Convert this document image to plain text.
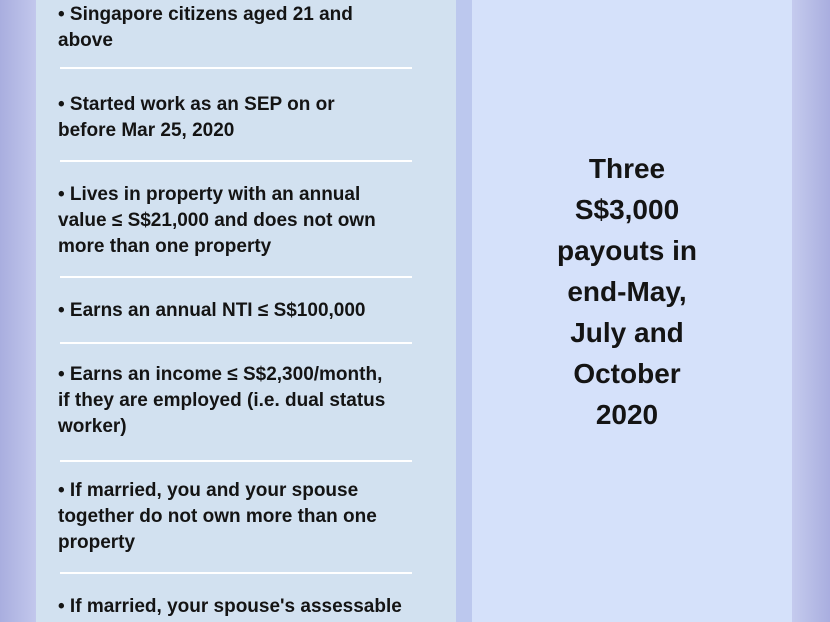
• Singapore citizens aged 21 and
above

• Started work as an SEP on or
before Mar 25, 2020

• Lives in property with an annual
value ≤ S$21,000 and does not own
more than one property

• Earns an annual NTI ≤ S$100,000

• Earns an income ≤ S$2,300/month,
if they are employed (i.e. dual status
worker)

• If married, you and your spouse
together do not own more than one
property

• If married, your spouse's assessable

Three
S$3,000
payouts in
end-May,
July and
October
2020
